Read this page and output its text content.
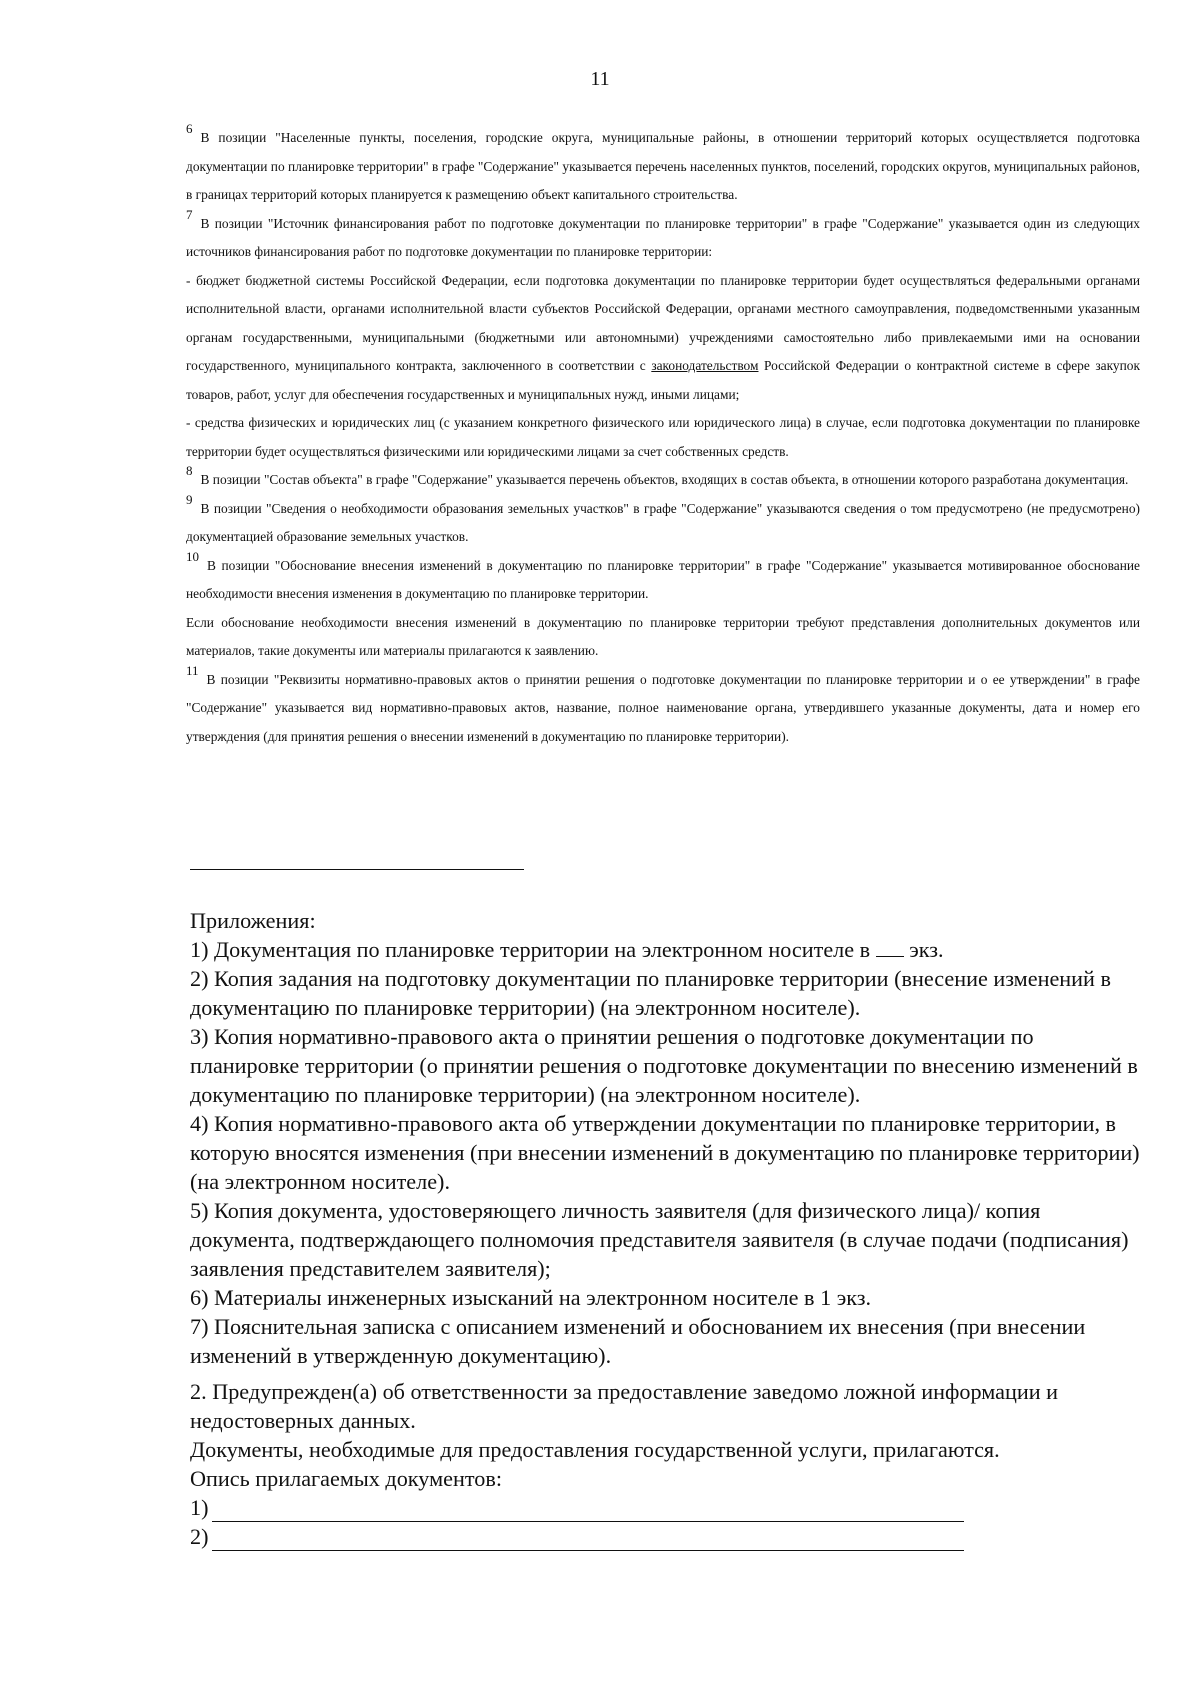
11

6В позиции "Населенные пункты, поселения, городские округа, муниципальные районы, в отношении территорий которых осуществляется подготовка документации по планировке территории" в графе "Содержание" указывается перечень населенных пунктов, поселений, городских округов, муниципальных районов, в границах территорий которых планируется к размещению объект капитального строительства.

7В позиции "Источник финансирования работ по подготовке документации по планировке территории" в графе "Содержание" указывается один из следующих источников финансирования работ по подготовке документации по планировке территории:

- бюджет бюджетной системы Российской Федерации, если подготовка документации по планировке территории будет осуществляться федеральными органами исполнительной власти, органами исполнительной власти субъектов Российской Федерации, органами местного самоуправления, подведомственными указанным органам государственными, муниципальными (бюджетными или автономными) учреждениями самостоятельно либо привлекаемыми ими на основании государственного, муниципального контракта, заключенного в соответствии с законодательством Российской Федерации о контрактной системе в сфере закупок товаров, работ, услуг для обеспечения государственных и муниципальных нужд, иными лицами;

- средства физических и юридических лиц (с указанием конкретного физического или юридического лица) в случае, если подготовка документации по планировке территории будет осуществляться физическими или юридическими лицами за счет собственных средств.

8В позиции "Состав объекта" в графе "Содержание" указывается перечень объектов, входящих в состав объекта, в отношении которого разработана документация.

9В позиции "Сведения о необходимости образования земельных участков" в графе "Содержание" указываются сведения о том предусмотрено (не предусмотрено) документацией образование земельных участков.

10В позиции "Обоснование внесения изменений в документацию по планировке территории" в графе "Содержание" указывается мотивированное обоснование необходимости внесения изменения в документацию по планировке территории.

Если обоснование необходимости внесения изменений в документацию по планировке территории требуют представления дополнительных документов или материалов, такие документы или материалы прилагаются к заявлению.

11В позиции "Реквизиты нормативно-правовых актов о принятии решения о подготовке документации по планировке территории и о ее утверждении" в графе "Содержание" указывается вид нормативно-правовых актов, название, полное наименование органа, утвердившего указанные документы, дата и номер его утверждения (для принятия решения о внесении изменений в документацию по планировке территории).

Приложения:

1) Документация по планировке территории на электронном носителе в экз.

2) Копия задания на подготовку документации по планировке территории (внесение изменений в документацию по планировке территории) (на электронном носителе).

3) Копия нормативно-правового акта о принятии решения о подготовке документации по планировке территории (о принятии решения о подготовке документации по внесению изменений в документацию по планировке территории) (на электронном носителе).

4) Копия нормативно-правового акта об утверждении документации по планировке территории, в которую вносятся изменения (при внесении изменений в документацию по планировке территории) (на электронном носителе).

5) Копия документа, удостоверяющего личность заявителя (для физического лица)/ копия документа, подтверждающего полномочия представителя заявителя (в случае подачи (подписания) заявления представителем заявителя);

6) Материалы инженерных изысканий на электронном носителе в 1 экз.

7) Пояснительная записка с описанием изменений и обоснованием их внесения (при внесении изменений в утвержденную документацию).

2. Предупрежден(а) об ответственности за предоставление заведомо ложной информации и недостоверных данных.

Документы, необходимые для предоставления государственной услуги, прилагаются.

Опись прилагаемых документов:

1)
2)
